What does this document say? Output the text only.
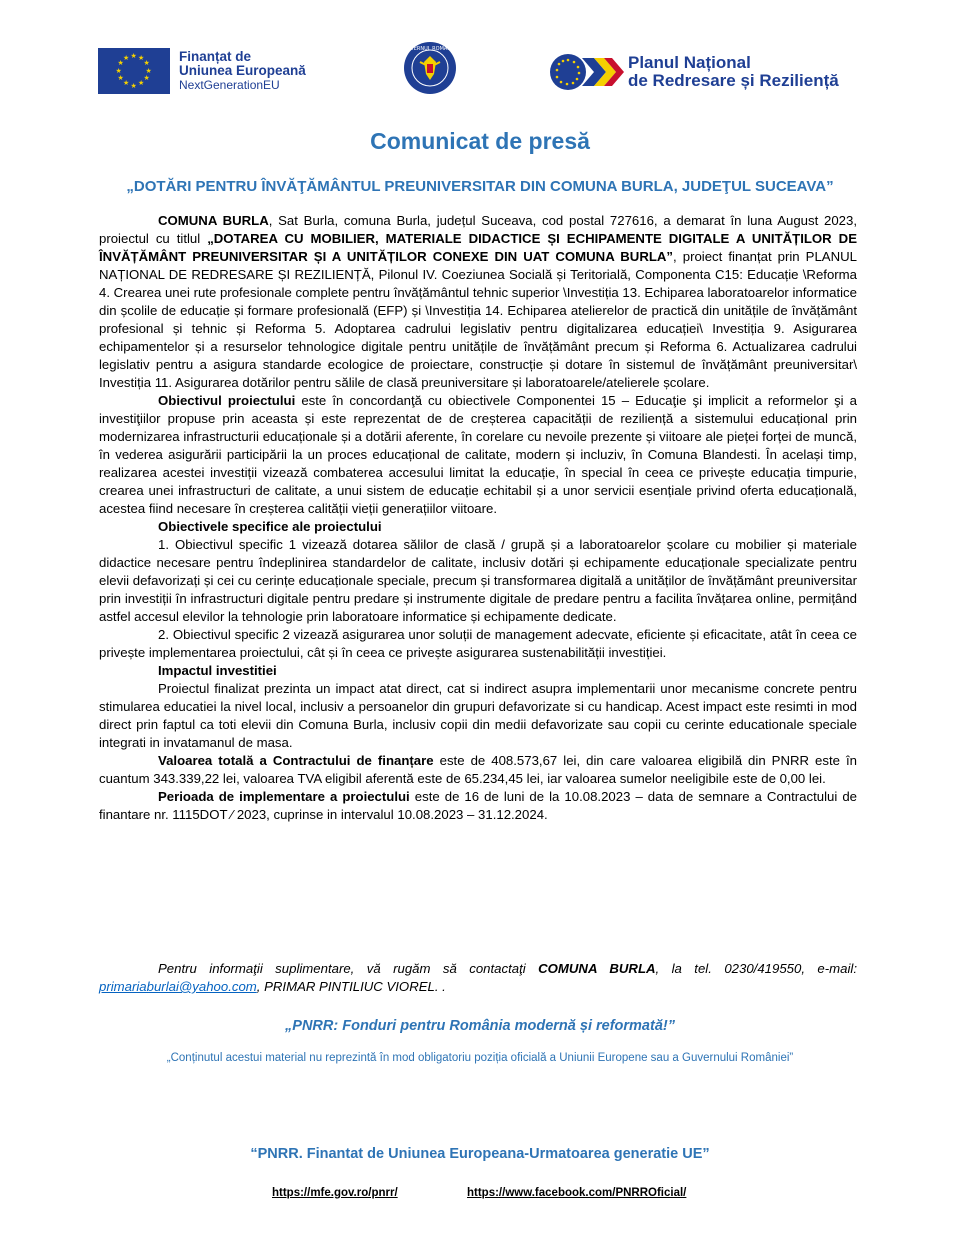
★ ★
★
★
★
★
★
★
★
★
★
★	Finanțat de
Uniunea Europeană
NextGenerationEU
GUVERNUL ROMÂNIEI
Planul Național
de Redresare și Reziliență
Comunicat de presă
„DOTĂRI PENTRU ÎNVĂŢĂMÂNTUL PREUNIVERSITAR DIN COMUNA BURLA, JUDEŢUL SUCEAVA”

COMUNA BURLA, Sat Burla, comuna Burla, județul Suceava, cod postal 727616, a demarat în luna August 2023, proiectul cu titlul „DOTAREA CU MOBILIER, MATERIALE DIDACTICE ȘI ECHIPAMENTE DIGITALE A UNITĂȚILOR DE ÎNVĂȚĂMÂNT PREUNIVERSITAR ȘI A UNITĂȚILOR CONEXE DIN UAT COMUNA BURLA”, proiect finanțat prin PLANUL NAȚIONAL DE REDRESARE ȘI REZILIENȚĂ, Pilonul IV. Coeziunea Socială și Teritorială, Componenta C15: Educație \Reforma 4. Crearea unei rute profesionale complete pentru învățământul tehnic superior \Investiția 13. Echiparea laboratoarelor informatice din școlile de educație și formare profesională (EFP) și \Investiția 14. Echiparea atelierelor de practică din unitățile de învățământ profesional și tehnic și Reforma 5. Adoptarea cadrului legislativ pentru digitalizarea educației\ Investiția 9. Asigurarea echipamentelor și a resurselor tehnologice digitale pentru unitățile de învățământ precum și Reforma 6. Actualizarea cadrului legislativ pentru a asigura standarde ecologice de proiectare, construcție și dotare în sistemul de învățământ preuniversitar\ Investiția 11. Asigurarea dotărilor pentru sălile de clasă preuniversitare și laboratoarele/atelierele școlare.

Obiectivul proiectului este în concordanţă cu obiectivele Componentei 15 – Educaţie şi implicit a reformelor şi a investiţiilor propuse prin aceasta și este reprezentat de de creșterea capacității de reziliență a sistemului educațional prin modernizarea infrastructurii educaționale și a dotării aferente, în corelare cu nevoile prezente și viitoare ale pieței forței de muncă, în vederea asigurării participării la un proces educațional de calitate, modern și incluziv, în Comuna Blandesti. În același timp, realizarea acestei investiții vizează combaterea accesului limitat la educație, în special în ceea ce privește educația timpurie, crearea unei infrastructuri de calitate, a unui sistem de educație echitabil și a unor servicii esențiale privind oferta educațională, acestea fiind necesare în creșterea calității vieții generațiilor viitoare.

Obiectivele specifice ale proiectului

1. Obiectivul specific 1 vizează dotarea sălilor de clasă / grupă și a laboratoarelor școlare cu mobilier și materiale didactice necesare pentru îndeplinirea standardelor de calitate, inclusiv dotări și echipamente educaționale specializate pentru elevii defavorizați și cei cu cerințe educaționale speciale, precum și transformarea digitală a unităților de învățământ preuniversitar prin investiții în infrastructuri digitale pentru predare și instrumente digitale de predare pentru a facilita învățarea online, permițând astfel accesul elevilor la tehnologie prin laboratoare informatice și echipamente dedicate.

2. Obiectivul specific 2 vizează asigurarea unor soluții de management adecvate, eficiente și eficacitate, atât în ceea ce privește implementarea proiectului, cât și în ceea ce privește asigurarea sustenabilității investiției.

Impactul investitiei

Proiectul finalizat prezinta un impact atat direct, cat si indirect asupra implementarii unor mecanisme concrete pentru stimularea educatiei la nivel local, inclusiv a persoanelor din grupuri defavorizate si cu handicap. Acest impact este resimti in mod direct prin faptul ca toti elevii din Comuna Burla, inclusiv copii din medii defavorizate sau copii cu cerinte educationale speciale integrati in invatamanul de masa.

Valoarea totală a Contractului de finanțare este de 408.573,67 lei, din care valoarea eligibilă din PNRR este în cuantum 343.339,22 lei, valoarea TVA eligibil aferentă este de 65.234,45 lei, iar valoarea sumelor neeligibile este de 0,00 lei.

Perioada de implementare a proiectului este de 16 de luni de la 10.08.2023 – data de semnare a Contractului de finantare nr. 1115DOT ⁄ 2023, cuprinse in intervalul 10.08.2023 – 31.12.2024.

Pentru informaţii suplimentare, vă rugăm să contactaţi COMUNA BURLA, la tel. 0230/419550, e-mail: primariaburlai@yahoo.com, PRIMAR PINTILIUC VIOREL. .
„PNRR: Fonduri pentru România modernă și reformată!”
„Conținutul acestui material nu reprezintă în mod obligatoriu poziția oficială a Uniunii Europene sau a Guvernului României”
“PNRR. Finantat de Uniunea Europeana-Urmatoarea generatie UE”
https://mfe.gov.ro/pnrr/	https://www.facebook.com/PNRROficial/
